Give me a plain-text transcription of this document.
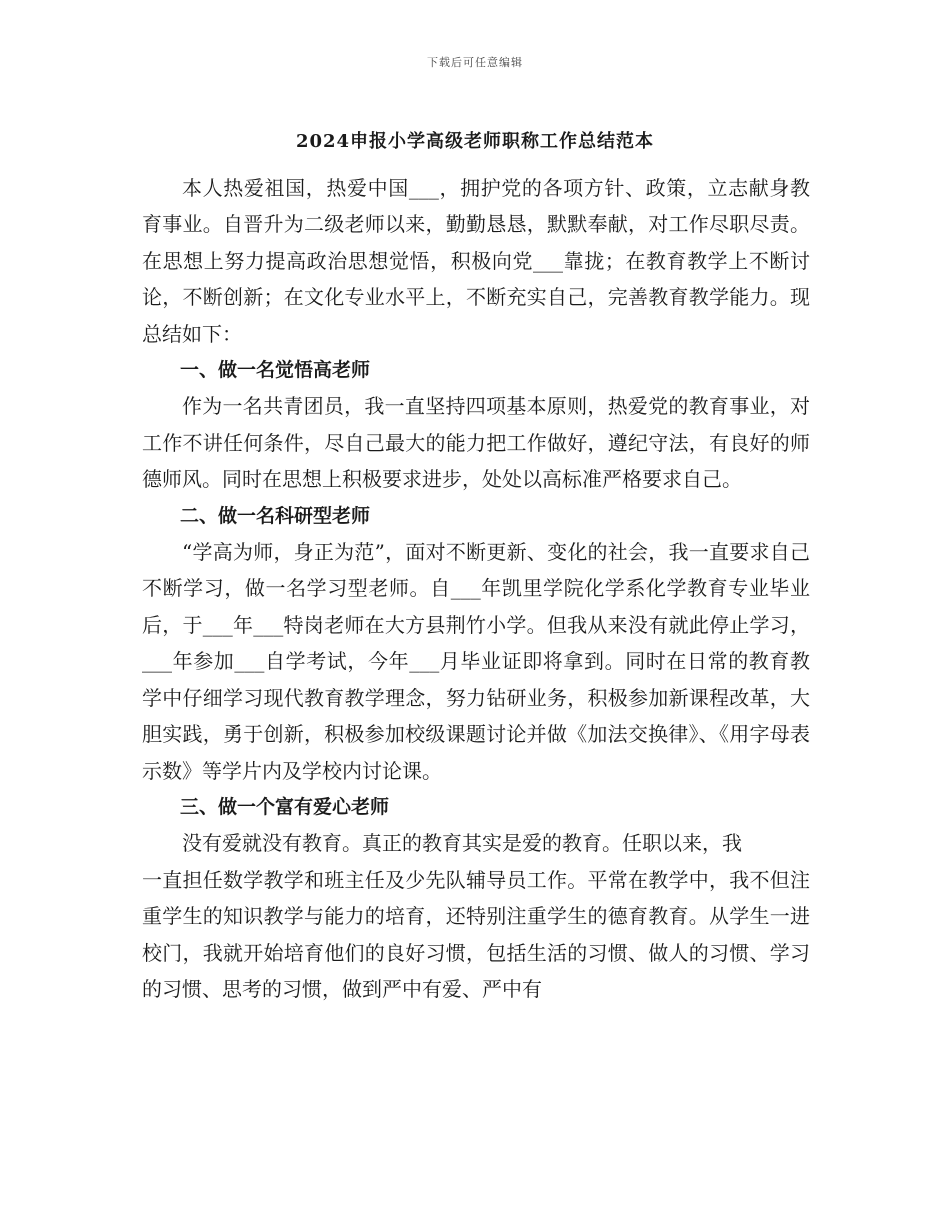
下载后可任意编辑
2024申报小学高级老师职称工作总结范本

本人热爱祖国，热爱中国___，拥护党的各项方针、政策，立志献身教育事业。自晋升为二级老师以来，勤勤恳恳，默默奉献，对工作尽职尽责。在思想上努力提高政治思想觉悟，积极向党___靠拢；在教育教学上不断讨论，不断创新；在文化专业水平上，不断充实自己，完善教育教学能力。现总结如下：

一、做一名觉悟高老师

作为一名共青团员，我一直坚持四项基本原则，热爱党的教育事业，对工作不讲任何条件，尽自己最大的能力把工作做好，遵纪守法，有良好的师德师风。同时在思想上积极要求进步，处处以高标准严格要求自己。

二、做一名科研型老师

“学高为师，身正为范”，面对不断更新、变化的社会，我一直要求自己不断学习，做一名学习型老师。自___年凯里学院化学系化学教育专业毕业后，于___年___特岗老师在大方县荆竹小学。但我从来没有就此停止学习，___年参加___自学考试，今年___月毕业证即将拿到。同时在日常的教育教学中仔细学习现代教育教学理念，努力钻研业务，积极参加新课程改革，大胆实践，勇于创新，积极参加校级课题讨论并做《加法交换律》、《用字母表示数》等学片内及学校内讨论课。

三、做一个富有爱心老师

没有爱就没有教育。真正的教育其实是爱的教育。任职以来，我

一直担任数学教学和班主任及少先队辅导员工作。平常在教学中，我不但注重学生的知识教学与能力的培育，还特别注重学生的德育教育。从学生一进校门，我就开始培育他们的良好习惯，包括生活的习惯、做人的习惯、学习的习惯、思考的习惯，做到严中有爱、严中有
